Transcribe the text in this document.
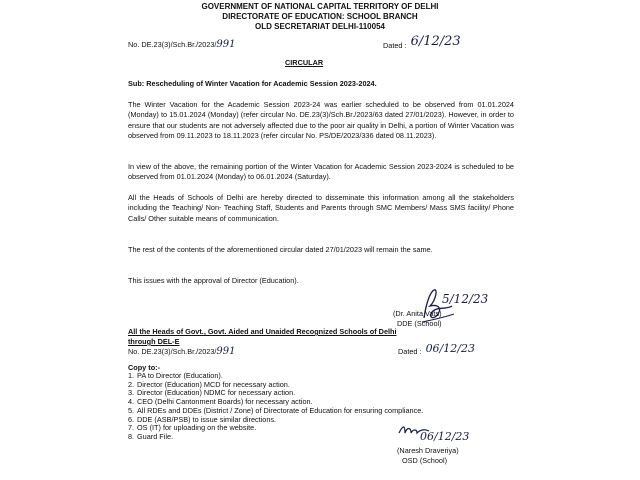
GOVERNMENT OF NATIONAL CAPITAL TERRITORY OF DELHI
DIRECTORATE OF EDUCATION: SCHOOL BRANCH
OLD SECRETARIAT DELHI-110054
No. DE.23(3)/Sch.Br./2023/991	Dated : 6/12/23
CIRCULAR
Sub: Rescheduling of Winter Vacation for Academic Session 2023-2024.
The Winter Vacation for the Academic Session 2023-24 was earlier scheduled to be observed from 01.01.2024 (Monday) to 15.01.2024 (Monday) (refer circular No. DE.23(3)/Sch.Br./2023/63 dated 27/01/2023). However, in order to ensure that our students are not adversely affected due to the poor air quality in Delhi, a portion of Winter Vacation was observed from 09.11.2023 to 18.11.2023 (refer circular No. PS/DE/2023/336 dated 08.11.2023).
In view of the above, the remaining portion of the Winter Vacation for Academic Session 2023-2024 is scheduled to be observed from 01.01.2024 (Monday) to 06.01.2024 (Saturday).
All the Heads of Schools of Delhi are hereby directed to disseminate this information among all the stakeholders including the Teaching/ Non- Teaching Staff, Students and Parents through SMC Members/ Mass SMS facility/ Phone Calls/ Other suitable means of communication.
The rest of the contents of the aforementioned circular dated 27/01/2023 will remain the same.
This issues with the approval of Director (Education).
5/12/23
(Dr. Anita Vats)
DDE (School)
All the Heads of Govt., Govt. Aided and Unaided Recognized Schools of Delhi
through DEL-E
No. DE.23(3)/Sch.Br./2023/991	Dated : 06/12/23
Copy to:-
1. PA to Director (Education).
2. Director (Education) MCD for necessary action.
3. Director (Education) NDMC for necessary action.
4. CEO (Delhi Cantonment Boards) for necessary action.
5. All RDEs and DDEs (District / Zone) of Directorate of Education for ensuring compliance.
6. DDE (ASB/PSB) to issue similar directions.
7. OS (IT) for uploading on the website.
8. Guard File.	06/12/23
(Naresh Draveriya)
OSD (School)
